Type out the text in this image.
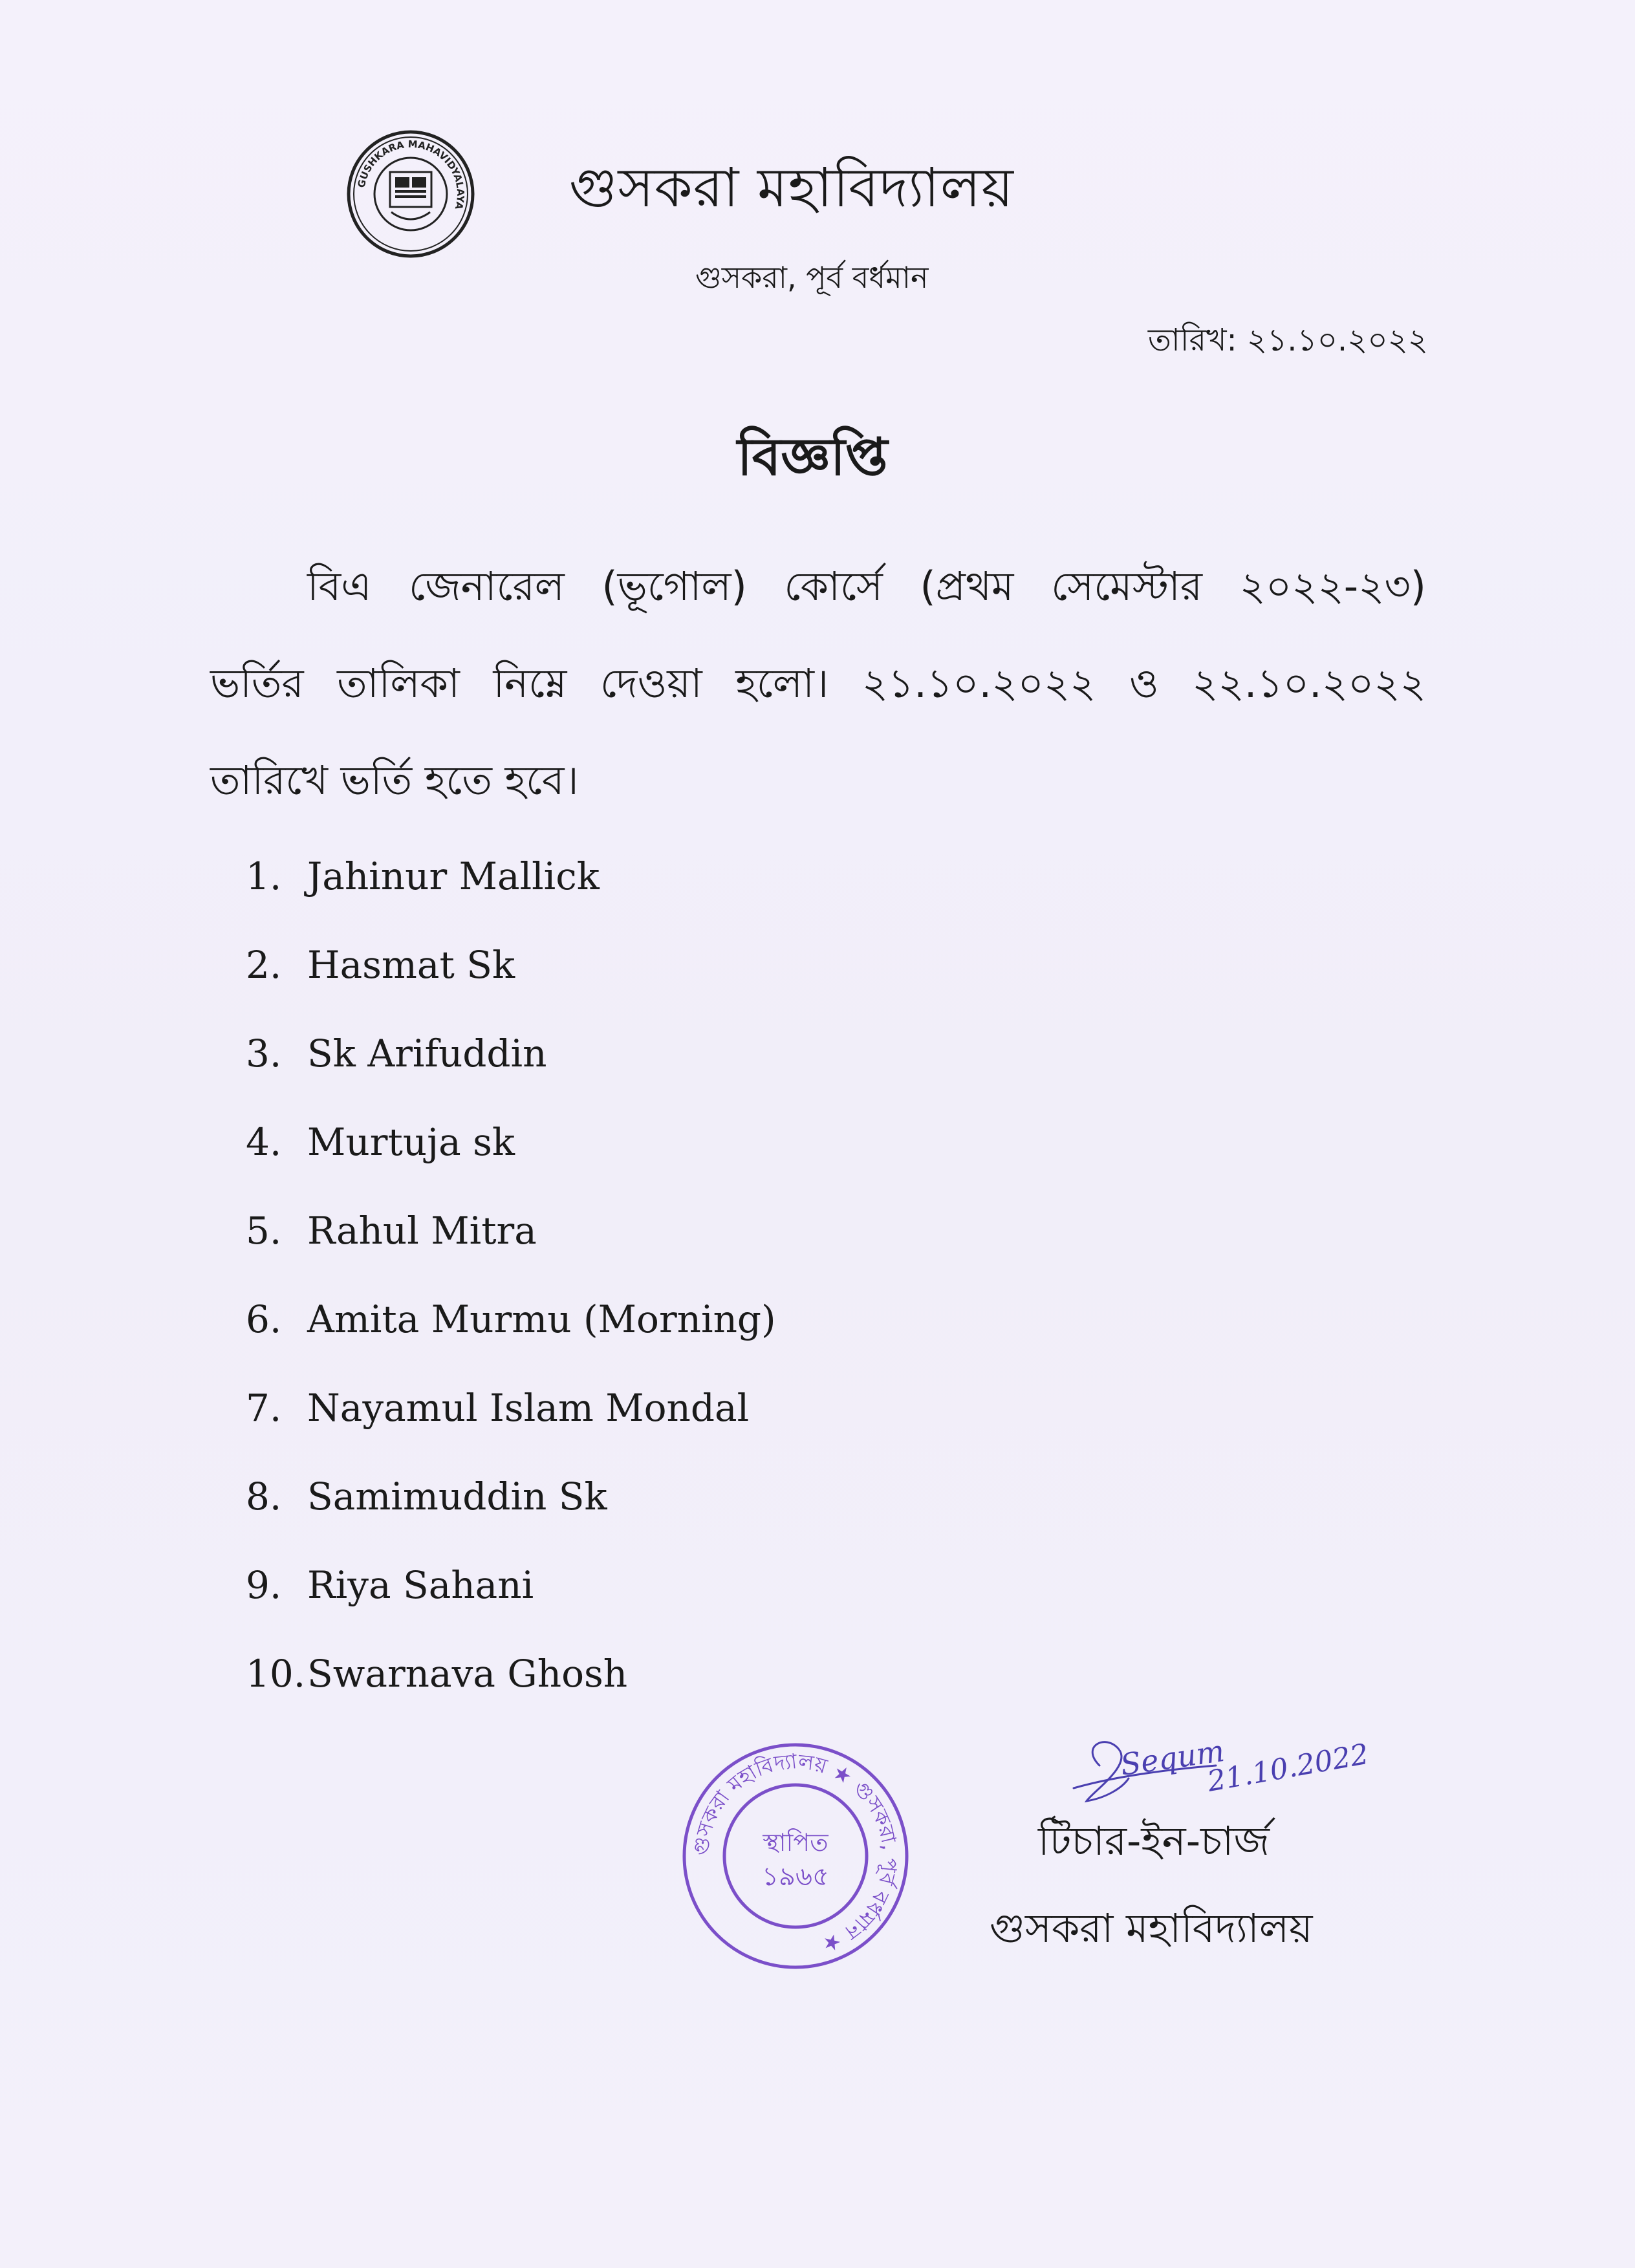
GUSHKARA MAHAVIDYALAYA গুসকরা মহাবিদ্যালয়
গুসকরা, পূর্ব বর্ধমান
তারিখ: ২১.১০.২০২২
বিজ্ঞপ্তি
বিএ জেনারেল (ভূগোল) কোর্সে (প্রথম সেমেস্টার ২০২২-২৩)
ভর্তির তালিকা নিম্নে দেওয়া হলো। ২১.১০.২০২২ ও ২২.১০.২০২২
তারিখে ভর্তি হতে হবে।
1. Jahinur Mallick
2. Hasmat Sk
3. Sk Arifuddin
4. Murtuja sk
5. Rahul Mitra
6. Amita Murmu (Morning)
7. Nayamul Islam Mondal
8. Samimuddin Sk
9. Riya Sahani
10. Swarnava Ghosh
গুসকরা মহাবিদ্যালয় ★ গুসকরা, পূর্ব বর্ধমান ★
স্থাপিত
১৯৬৫
Sequm
21.10.2022
টিচার-ইন-চার্জ
গুসকরা মহাবিদ্যালয়
